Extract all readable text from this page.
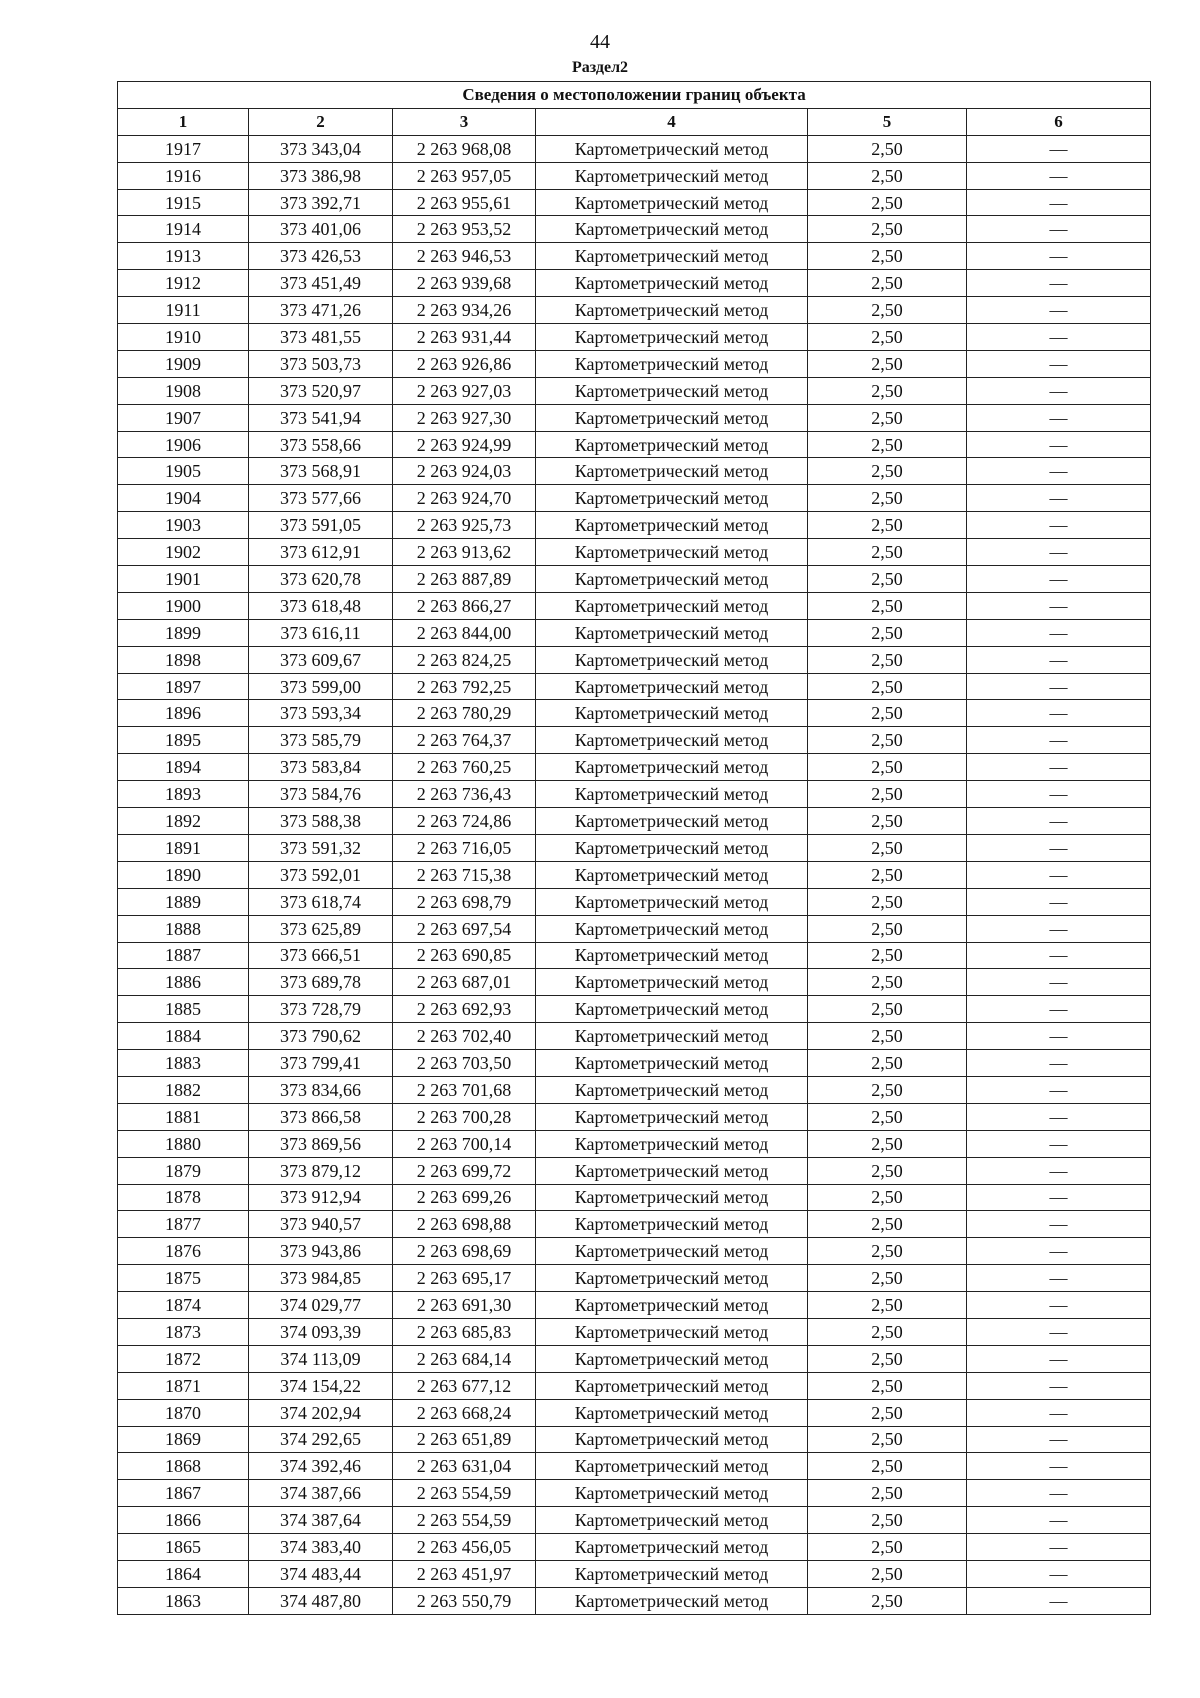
44
Раздел2
Сведения о местоположении границ объекта					
1	2	3	4	5	6
1917	373 343,04	2 263 968,08	Картометрический метод	2,50	—
1916	373 386,98	2 263 957,05	Картометрический метод	2,50	—
1915	373 392,71	2 263 955,61	Картометрический метод	2,50	—
1914	373 401,06	2 263 953,52	Картометрический метод	2,50	—
1913	373 426,53	2 263 946,53	Картометрический метод	2,50	—
1912	373 451,49	2 263 939,68	Картометрический метод	2,50	—
1911	373 471,26	2 263 934,26	Картометрический метод	2,50	—
1910	373 481,55	2 263 931,44	Картометрический метод	2,50	—
1909	373 503,73	2 263 926,86	Картометрический метод	2,50	—
1908	373 520,97	2 263 927,03	Картометрический метод	2,50	—
1907	373 541,94	2 263 927,30	Картометрический метод	2,50	—
1906	373 558,66	2 263 924,99	Картометрический метод	2,50	—
1905	373 568,91	2 263 924,03	Картометрический метод	2,50	—
1904	373 577,66	2 263 924,70	Картометрический метод	2,50	—
1903	373 591,05	2 263 925,73	Картометрический метод	2,50	—
1902	373 612,91	2 263 913,62	Картометрический метод	2,50	—
1901	373 620,78	2 263 887,89	Картометрический метод	2,50	—
1900	373 618,48	2 263 866,27	Картометрический метод	2,50	—
1899	373 616,11	2 263 844,00	Картометрический метод	2,50	—
1898	373 609,67	2 263 824,25	Картометрический метод	2,50	—
1897	373 599,00	2 263 792,25	Картометрический метод	2,50	—
1896	373 593,34	2 263 780,29	Картометрический метод	2,50	—
1895	373 585,79	2 263 764,37	Картометрический метод	2,50	—
1894	373 583,84	2 263 760,25	Картометрический метод	2,50	—
1893	373 584,76	2 263 736,43	Картометрический метод	2,50	—
1892	373 588,38	2 263 724,86	Картометрический метод	2,50	—
1891	373 591,32	2 263 716,05	Картометрический метод	2,50	—
1890	373 592,01	2 263 715,38	Картометрический метод	2,50	—
1889	373 618,74	2 263 698,79	Картометрический метод	2,50	—
1888	373 625,89	2 263 697,54	Картометрический метод	2,50	—
1887	373 666,51	2 263 690,85	Картометрический метод	2,50	—
1886	373 689,78	2 263 687,01	Картометрический метод	2,50	—
1885	373 728,79	2 263 692,93	Картометрический метод	2,50	—
1884	373 790,62	2 263 702,40	Картометрический метод	2,50	—
1883	373 799,41	2 263 703,50	Картометрический метод	2,50	—
1882	373 834,66	2 263 701,68	Картометрический метод	2,50	—
1881	373 866,58	2 263 700,28	Картометрический метод	2,50	—
1880	373 869,56	2 263 700,14	Картометрический метод	2,50	—
1879	373 879,12	2 263 699,72	Картометрический метод	2,50	—
1878	373 912,94	2 263 699,26	Картометрический метод	2,50	—
1877	373 940,57	2 263 698,88	Картометрический метод	2,50	—
1876	373 943,86	2 263 698,69	Картометрический метод	2,50	—
1875	373 984,85	2 263 695,17	Картометрический метод	2,50	—
1874	374 029,77	2 263 691,30	Картометрический метод	2,50	—
1873	374 093,39	2 263 685,83	Картометрический метод	2,50	—
1872	374 113,09	2 263 684,14	Картометрический метод	2,50	—
1871	374 154,22	2 263 677,12	Картометрический метод	2,50	—
1870	374 202,94	2 263 668,24	Картометрический метод	2,50	—
1869	374 292,65	2 263 651,89	Картометрический метод	2,50	—
1868	374 392,46	2 263 631,04	Картометрический метод	2,50	—
1867	374 387,66	2 263 554,59	Картометрический метод	2,50	—
1866	374 387,64	2 263 554,59	Картометрический метод	2,50	—
1865	374 383,40	2 263 456,05	Картометрический метод	2,50	—
1864	374 483,44	2 263 451,97	Картометрический метод	2,50	—
1863	374 487,80	2 263 550,79	Картометрический метод	2,50	—
